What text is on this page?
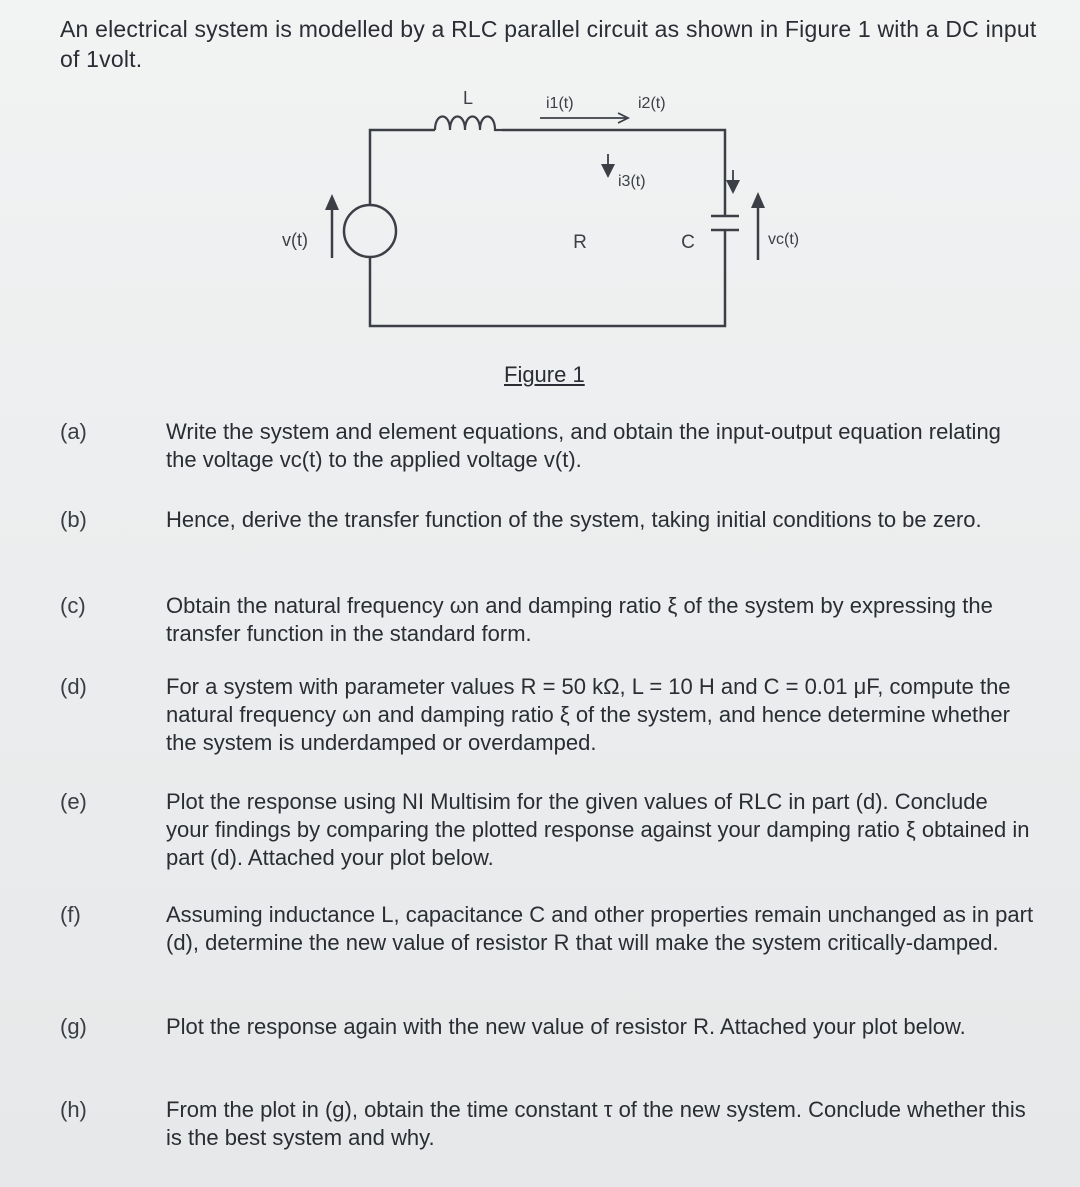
An electrical system is modelled by a RLC parallel circuit as shown in Figure 1 with a DC input of 1volt.
L
v(t)	R	C	vc(t)
i1(t)	i2(t)
i3(t)
Figure 1
(a)	Write the system and element equations, and obtain the input-output equation relating the voltage vc(t) to the applied voltage v(t).
(b)	Hence, derive the transfer function of the system, taking initial conditions to be zero.
(c)	Obtain the natural frequency ωn and damping ratio ξ of the system by expressing the transfer function in the standard form.
(d)	For a system with parameter values R = 50 kΩ, L = 10 H and C = 0.01 μF, compute the natural frequency ωn and damping ratio ξ of the system, and hence determine whether the system is underdamped or overdamped.
(e)	Plot the response using NI Multisim for the given values of RLC in part (d). Conclude your findings by comparing the plotted response against your damping ratio ξ obtained in part (d). Attached your plot below.
(f)	Assuming inductance L, capacitance C and other properties remain unchanged as in part (d), determine the new value of resistor R that will make the system critically-damped.
(g)	Plot the response again with the new value of resistor R. Attached your plot below.
(h)	From the plot in (g), obtain the time constant τ of the new system. Conclude whether this is the best system and why.
